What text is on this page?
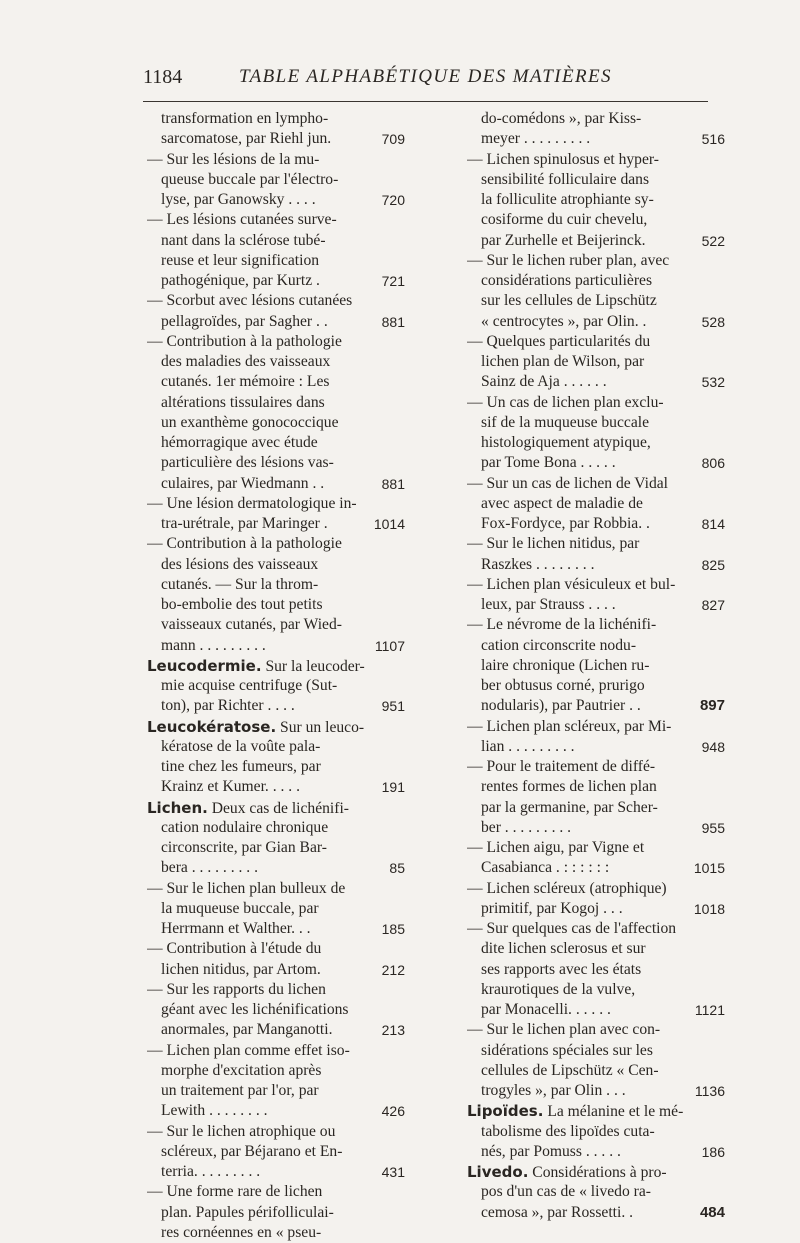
1184	TABLE ALPHABÉTIQUE DES MATIÈRES
transformation en lympho-
sarcomatose, par Riehl jun.	709
— Sur les lésions de la mu-
queuse buccale par l'électro-
lyse, par Ganowsky . . . .	720
— Les lésions cutanées surve-
nant dans la sclérose tubé-
reuse et leur signification
pathogénique, par Kurtz .	721
— Scorbut avec lésions cutanées
pellagroïdes, par Sagher . .	881
— Contribution à la pathologie
des maladies des vaisseaux
cutanés. 1er mémoire : Les
altérations tissulaires dans
un exanthème gonococcique
hémorragique avec étude
particulière des lésions vas-
culaires, par Wiedmann . .	881
— Une lésion dermatologique in-
tra-urétrale, par Maringer .	1014
— Contribution à la pathologie
des lésions des vaisseaux
cutanés. — Sur la throm-
bo-embolie des tout petits
vaisseaux cutanés, par Wied-
mann . . . . . . . . .	1107
Leucodermie. Sur la leucoder-
mie acquise centrifuge (Sut-
ton), par Richter . . . .	951
Leucokératose. Sur un leuco-
kératose de la voûte pala-
tine chez les fumeurs, par
Krainz et Kumer. . . . .	191
Lichen. Deux cas de lichénifi-
cation nodulaire chronique
circonscrite, par Gian Bar-
bera . . . . . . . . .	85
— Sur le lichen plan bulleux de
la muqueuse buccale, par
Herrmann et Walther. . .	185
— Contribution à l'étude du
lichen nitidus, par Artom.	212
— Sur les rapports du lichen
géant avec les lichénifications
anormales, par Manganotti.	213
— Lichen plan comme effet iso-
morphe d'excitation après
un traitement par l'or, par
Lewith . . . . . . . .	426
— Sur le lichen atrophique ou
scléreux, par Béjarano et En-
terria. . . . . . . . .	431
— Une forme rare de lichen
plan. Papules périfolliculai-
res cornéennes en « pseu-
do-comédons », par Kiss-
meyer . . . . . . . . .	516
— Lichen spinulosus et hyper-
sensibilité folliculaire dans
la folliculite atrophiante sy-
cosiforme du cuir chevelu,
par Zurhelle et Beijerinck.	522
— Sur le lichen ruber plan, avec
considérations particulières
sur les cellules de Lipschütz
« centrocytes », par Olin. .	528
— Quelques particularités du
lichen plan de Wilson, par
Sainz de Aja . . . . . .	532
— Un cas de lichen plan exclu-
sif de la muqueuse buccale
histologiquement atypique,
par Tome Bona . . . . .	806
— Sur un cas de lichen de Vidal
avec aspect de maladie de
Fox-Fordyce, par Robbia. .	814
— Sur le lichen nitidus, par
Raszkes . . . . . . . .	825
— Lichen plan vésiculeux et bul-
leux, par Strauss . . . .	827
— Le névrome de la lichénifi-
cation circonscrite nodu-
laire chronique (Lichen ru-
ber obtusus corné, prurigo
nodularis), par Pautrier . .	897
— Lichen plan scléreux, par Mi-
lian . . . . . . . . .	948
— Pour le traitement de diffé-
rentes formes de lichen plan
par la germanine, par Scher-
ber . . . . . . . . .	955
— Lichen aigu, par Vigne et
Casabianca . : : : : : :	1015
— Lichen scléreux (atrophique)
primitif, par Kogoj . . .	1018
— Sur quelques cas de l'affection
dite lichen sclerosus et sur
ses rapports avec les états
kraurotiques de la vulve,
par Monacelli. . . . . .	1121
— Sur le lichen plan avec con-
sidérations spéciales sur les
cellules de Lipschütz « Cen-
trogyles », par Olin . . .	1136
Lipoïdes. La mélanine et le mé-
tabolisme des lipoïdes cuta-
nés, par Pomuss . . . . .	186
Livedo. Considérations à pro-
pos d'un cas de « livedo ra-
cemosa », par Rossetti. .	484
